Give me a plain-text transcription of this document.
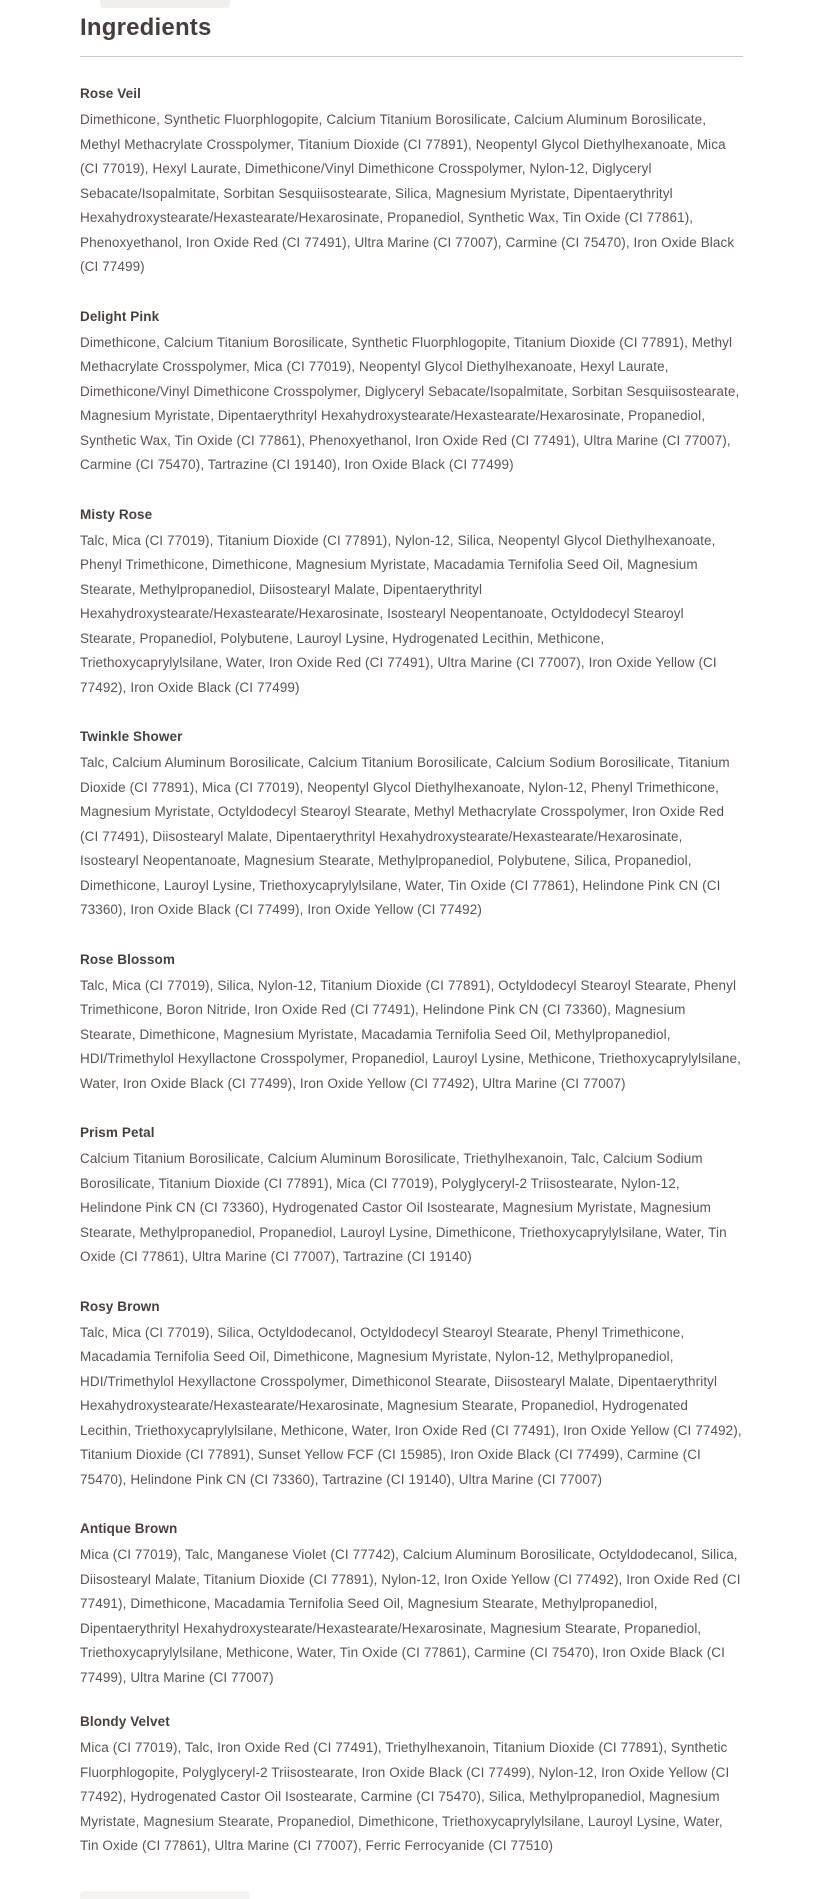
Ingredients
Rose Veil

Dimethicone, Synthetic Fluorphlogopite, Calcium Titanium Borosilicate, Calcium Aluminum Borosilicate, Methyl Methacrylate Crosspolymer, Titanium Dioxide (CI 77891), Neopentyl Glycol Diethylhexanoate, Mica (CI 77019), Hexyl Laurate, Dimethicone/Vinyl Dimethicone Crosspolymer, Nylon-12, Diglyceryl Sebacate/Isopalmitate, Sorbitan Sesquiisostearate, Silica, Magnesium Myristate, Dipentaerythrityl Hexahydroxystearate/Hexastearate/Hexarosinate, Propanediol, Synthetic Wax, Tin Oxide (CI 77861), Phenoxyethanol, Iron Oxide Red (CI 77491), Ultra Marine (CI 77007), Carmine (CI 75470), Iron Oxide Black (CI 77499)

Delight Pink

Dimethicone, Calcium Titanium Borosilicate, Synthetic Fluorphlogopite, Titanium Dioxide (CI 77891), Methyl Methacrylate Crosspolymer, Mica (CI 77019), Neopentyl Glycol Diethylhexanoate, Hexyl Laurate, Dimethicone/Vinyl Dimethicone Crosspolymer, Diglyceryl Sebacate/Isopalmitate, Sorbitan Sesquiisostearate, Magnesium Myristate, Dipentaerythrityl Hexahydroxystearate/Hexastearate/Hexarosinate, Propanediol, Synthetic Wax, Tin Oxide (CI 77861), Phenoxyethanol, Iron Oxide Red (CI 77491), Ultra Marine (CI 77007), Carmine (CI 75470), Tartrazine (CI 19140), Iron Oxide Black (CI 77499)

Misty Rose

Talc, Mica (CI 77019), Titanium Dioxide (CI 77891), Nylon-12, Silica, Neopentyl Glycol Diethylhexanoate, Phenyl Trimethicone, Dimethicone, Magnesium Myristate, Macadamia Ternifolia Seed Oil, Magnesium Stearate, Methylpropanediol, Diisostearyl Malate, Dipentaerythrityl Hexahydroxystearate/Hexastearate/Hexarosinate, Isostearyl Neopentanoate, Octyldodecyl Stearoyl Stearate, Propanediol, Polybutene, Lauroyl Lysine, Hydrogenated Lecithin, Methicone, Triethoxycaprylylsilane, Water, Iron Oxide Red (CI 77491), Ultra Marine (CI 77007), Iron Oxide Yellow (CI 77492), Iron Oxide Black (CI 77499)

Twinkle Shower

Talc, Calcium Aluminum Borosilicate, Calcium Titanium Borosilicate, Calcium Sodium Borosilicate, Titanium Dioxide (CI 77891), Mica (CI 77019), Neopentyl Glycol Diethylhexanoate, Nylon-12, Phenyl Trimethicone, Magnesium Myristate, Octyldodecyl Stearoyl Stearate, Methyl Methacrylate Crosspolymer, Iron Oxide Red (CI 77491), Diisostearyl Malate, Dipentaerythrityl Hexahydroxystearate/Hexastearate/Hexarosinate, Isostearyl Neopentanoate, Magnesium Stearate, Methylpropanediol, Polybutene, Silica, Propanediol, Dimethicone, Lauroyl Lysine, Triethoxycaprylylsilane, Water, Tin Oxide (CI 77861), Helindone Pink CN (CI 73360), Iron Oxide Black (CI 77499), Iron Oxide Yellow (CI 77492)

Rose Blossom

Talc, Mica (CI 77019), Silica, Nylon-12, Titanium Dioxide (CI 77891), Octyldodecyl Stearoyl Stearate, Phenyl Trimethicone, Boron Nitride, Iron Oxide Red (CI 77491), Helindone Pink CN (CI 73360), Magnesium Stearate, Dimethicone, Magnesium Myristate, Macadamia Ternifolia Seed Oil, Methylpropanediol, HDI/Trimethylol Hexyllactone Crosspolymer, Propanediol, Lauroyl Lysine, Methicone, Triethoxycaprylylsilane, Water, Iron Oxide Black (CI 77499), Iron Oxide Yellow (CI 77492), Ultra Marine (CI 77007)

Prism Petal

Calcium Titanium Borosilicate, Calcium Aluminum Borosilicate, Triethylhexanoin, Talc, Calcium Sodium Borosilicate, Titanium Dioxide (CI 77891), Mica (CI 77019), Polyglyceryl-2 Triisostearate, Nylon-12, Helindone Pink CN (CI 73360), Hydrogenated Castor Oil Isostearate, Magnesium Myristate, Magnesium Stearate, Methylpropanediol, Propanediol, Lauroyl Lysine, Dimethicone, Triethoxycaprylylsilane, Water, Tin Oxide (CI 77861), Ultra Marine (CI 77007), Tartrazine (CI 19140)

Rosy Brown

Talc, Mica (CI 77019), Silica, Octyldodecanol, Octyldodecyl Stearoyl Stearate, Phenyl Trimethicone, Macadamia Ternifolia Seed Oil, Dimethicone, Magnesium Myristate, Nylon-12, Methylpropanediol, HDI/Trimethylol Hexyllactone Crosspolymer, Dimethiconol Stearate, Diisostearyl Malate, Dipentaerythrityl Hexahydroxystearate/Hexastearate/Hexarosinate, Magnesium Stearate, Propanediol, Hydrogenated Lecithin, Triethoxycaprylylsilane, Methicone, Water, Iron Oxide Red (CI 77491), Iron Oxide Yellow (CI 77492), Titanium Dioxide (CI 77891), Sunset Yellow FCF (CI 15985), Iron Oxide Black (CI 77499), Carmine (CI 75470), Helindone Pink CN (CI 73360), Tartrazine (CI 19140), Ultra Marine (CI 77007)

Antique Brown

Mica (CI 77019), Talc, Manganese Violet (CI 77742), Calcium Aluminum Borosilicate, Octyldodecanol, Silica, Diisostearyl Malate, Titanium Dioxide (CI 77891), Nylon-12, Iron Oxide Yellow (CI 77492), Iron Oxide Red (CI 77491), Dimethicone, Macadamia Ternifolia Seed Oil, Magnesium Stearate, Methylpropanediol, Dipentaerythrityl Hexahydroxystearate/Hexastearate/Hexarosinate, Magnesium Stearate, Propanediol, Triethoxycaprylylsilane, Methicone, Water, Tin Oxide (CI 77861), Carmine (CI 75470), Iron Oxide Black (CI 77499), Ultra Marine (CI 77007)

Blondy Velvet

Mica (CI 77019), Talc, Iron Oxide Red (CI 77491), Triethylhexanoin, Titanium Dioxide (CI 77891), Synthetic Fluorphlogopite, Polyglyceryl-2 Triisostearate, Iron Oxide Black (CI 77499), Nylon-12, Iron Oxide Yellow (CI 77492), Hydrogenated Castor Oil Isostearate, Carmine (CI 75470), Silica, Methylpropanediol, Magnesium Myristate, Magnesium Stearate, Propanediol, Dimethicone, Triethoxycaprylylsilane, Lauroyl Lysine, Water, Tin Oxide (CI 77861), Ultra Marine (CI 77007), Ferric Ferrocyanide (CI 77510)
